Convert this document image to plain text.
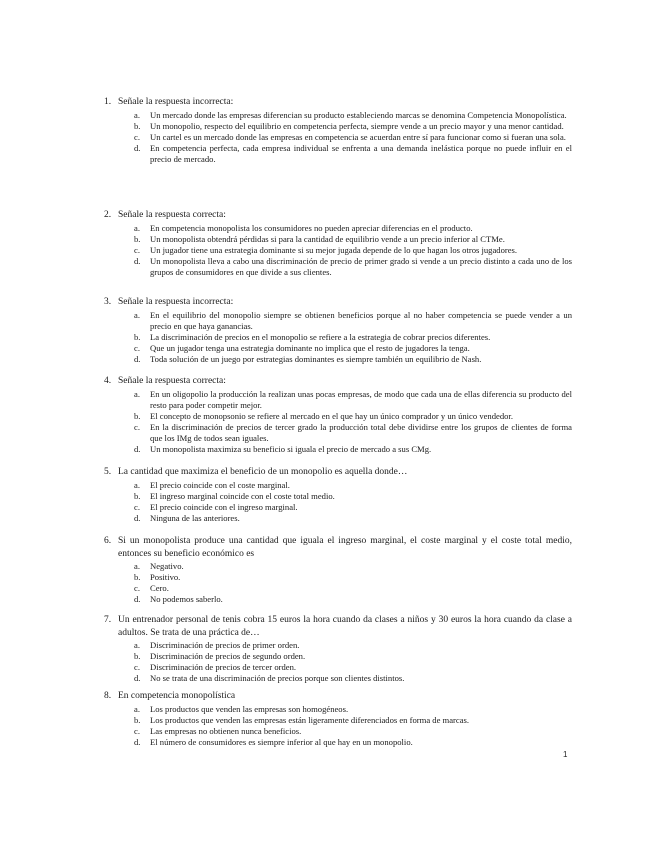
1. Señale la respuesta incorrecta:
a.	Un mercado donde las empresas diferencian su producto estableciendo marcas se denomina Competencia Monopolística.
b.	Un monopolio, respecto del equilibrio en competencia perfecta, siempre vende a un precio mayor y una menor cantidad.
c.	Un cartel es un mercado donde las empresas en competencia se acuerdan entre sí para funcionar como si fueran una sola.
d.	En competencia perfecta, cada empresa individual se enfrenta a una demanda inelástica porque no puede influir en el precio de mercado.
2. Señale la respuesta correcta:
a.	En competencia monopolista los consumidores no pueden apreciar diferencias en el producto.
b.	Un monopolista obtendrá pérdidas si para la cantidad de equilibrio vende a un precio inferior al CTMe.
c.	Un jugador tiene una estrategia dominante si su mejor jugada depende de lo que hagan los otros jugadores.
d.	Un monopolista lleva a cabo una discriminación de precio de primer grado si vende a un precio distinto a cada uno de los grupos de consumidores en que divide a sus clientes.
3. Señale la respuesta incorrecta:
a.	En el equilibrio del monopolio siempre se obtienen beneficios porque al no haber competencia se puede vender a un precio en que haya ganancias.
b.	La discriminación de precios en el monopolio se refiere a la estrategia de cobrar precios diferentes.
c.	Que un jugador tenga una estrategia dominante no implica que el resto de jugadores la tenga.
d.	Toda solución de un juego por estrategias dominantes es siempre también un equilibrio de Nash.
4. Señale la respuesta correcta:
a.	En un oligopolio la producción la realizan unas pocas empresas, de modo que cada una de ellas diferencia su producto del resto para poder competir mejor.
b.	El concepto de monopsonio se refiere al mercado en el que hay un único comprador y un único vendedor.
c.	En la discriminación de precios de tercer grado la producción total debe dividirse entre los grupos de clientes de forma que los IMg de todos sean iguales.
d.	Un monopolista maximiza su beneficio si iguala el precio de mercado a sus CMg.
5. La cantidad que maximiza el beneficio de un monopolio es aquella donde…
a.	El precio coincide con el coste marginal.
b.	El ingreso marginal coincide con el coste total medio.
c.	El precio coincide con el ingreso marginal.
d.	Ninguna de las anteriores.
6. Si un monopolista produce una cantidad que iguala el ingreso marginal, el coste marginal y el coste total medio, entonces su beneficio económico es
a.	Negativo.
b.	Positivo.
c.	Cero.
d.	No podemos saberlo.
7. Un entrenador personal de tenis cobra 15 euros la hora cuando da clases a niños y 30 euros la hora cuando da clase a adultos. Se trata de una práctica de…
a.	Discriminación de precios de primer orden.
b.	Discriminación de precios de segundo orden.
c.	Discriminación de precios de tercer orden.
d.	No se trata de una discriminación de precios porque son clientes distintos.
8. En competencia monopolística
a.	Los productos que venden las empresas son homogéneos.
b.	Los productos que venden las empresas están ligeramente diferenciados en forma de marcas.
c.	Las empresas no obtienen nunca beneficios.
d.	El número de consumidores es siempre inferior al que hay en un monopolio.
1
